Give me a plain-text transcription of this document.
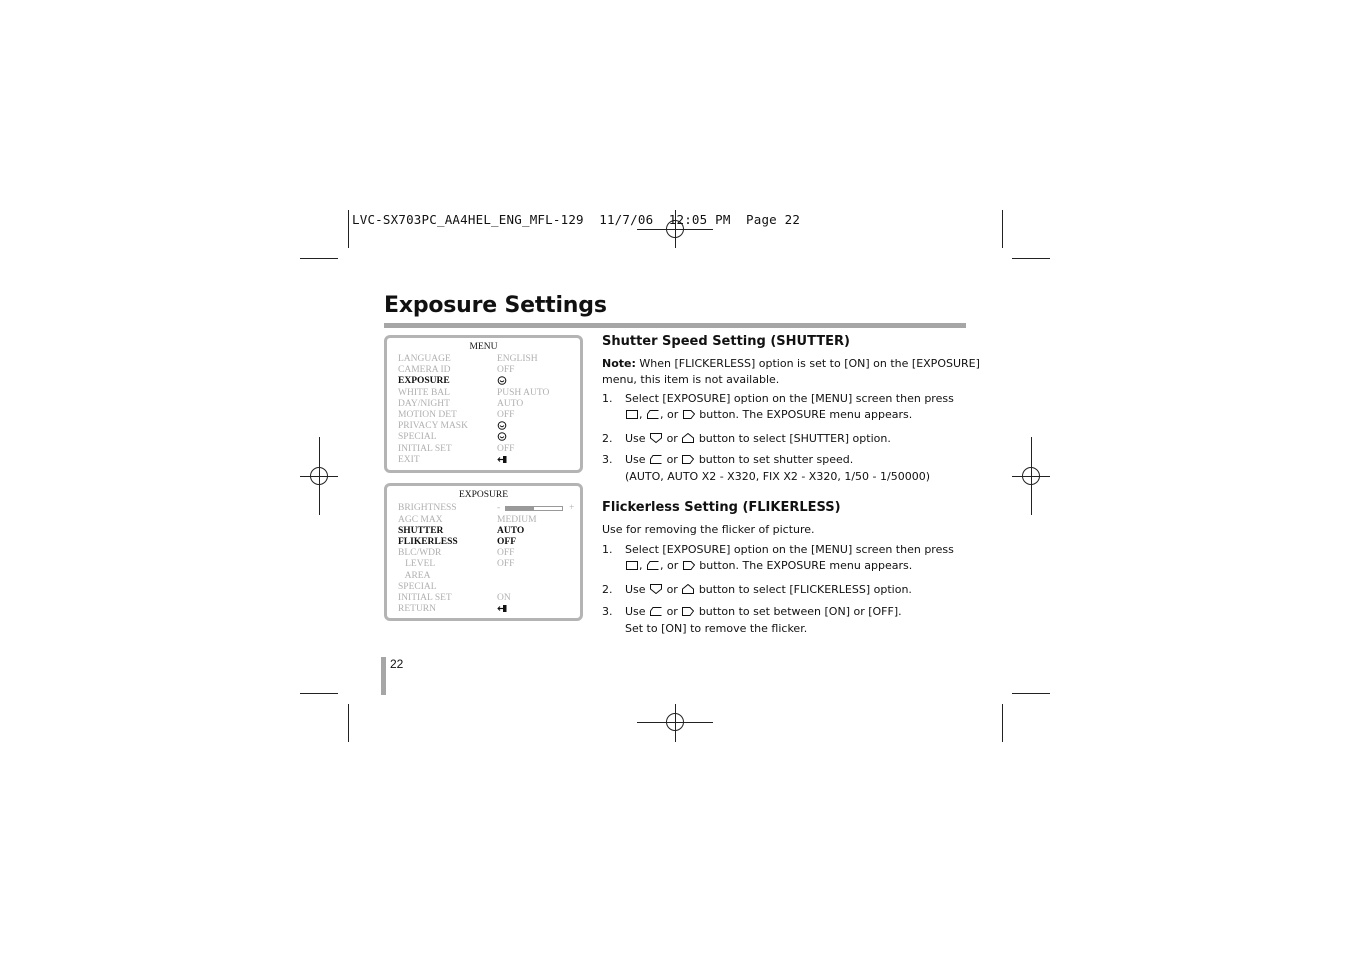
LVC-SX703PC_AA4HEL_ENG_MFL-129  11/7/06  12:05 PM  Page 22
Exposure Settings
MENU
LANGUAGE	ENGLISH
CAMERA ID	OFF
EXPOSURE
WHITE BAL	PUSH AUTO
DAY/NIGHT	AUTO
MOTION DET	OFF
PRIVACY MASK
SPECIAL
INITIAL SET	OFF
EXIT
EXPOSURE
BRIGHTNESS	-	+
AGC MAX	MEDIUM
SHUTTER	AUTO
FLIKERLESS	OFF
BLC/WDR	OFF
LEVEL	OFF
AREA
SPECIAL
INITIAL SET	ON
RETURN
Shutter Speed Setting (SHUTTER)
Note: When [FLICKERLESS] option is set to [ON] on the [EXPOSURE]
menu, this item is not available.
1. Select [EXPOSURE] option on the [MENU] screen then press
, , or button. The EXPOSURE menu appears.
2. Use or button to select [SHUTTER] option.
3. Use or button to set shutter speed.
(AUTO, AUTO X2 - X320, FIX X2 - X320, 1/50 - 1/50000)
Flickerless Setting (FLIKERLESS)
Use for removing the flicker of picture.
1. Select [EXPOSURE] option on the [MENU] screen then press
, , or button. The EXPOSURE menu appears.
2. Use or button to select [FLICKERLESS] option.
3. Use or button to set between [ON] or [OFF].
Set to [ON] to remove the flicker.
22
